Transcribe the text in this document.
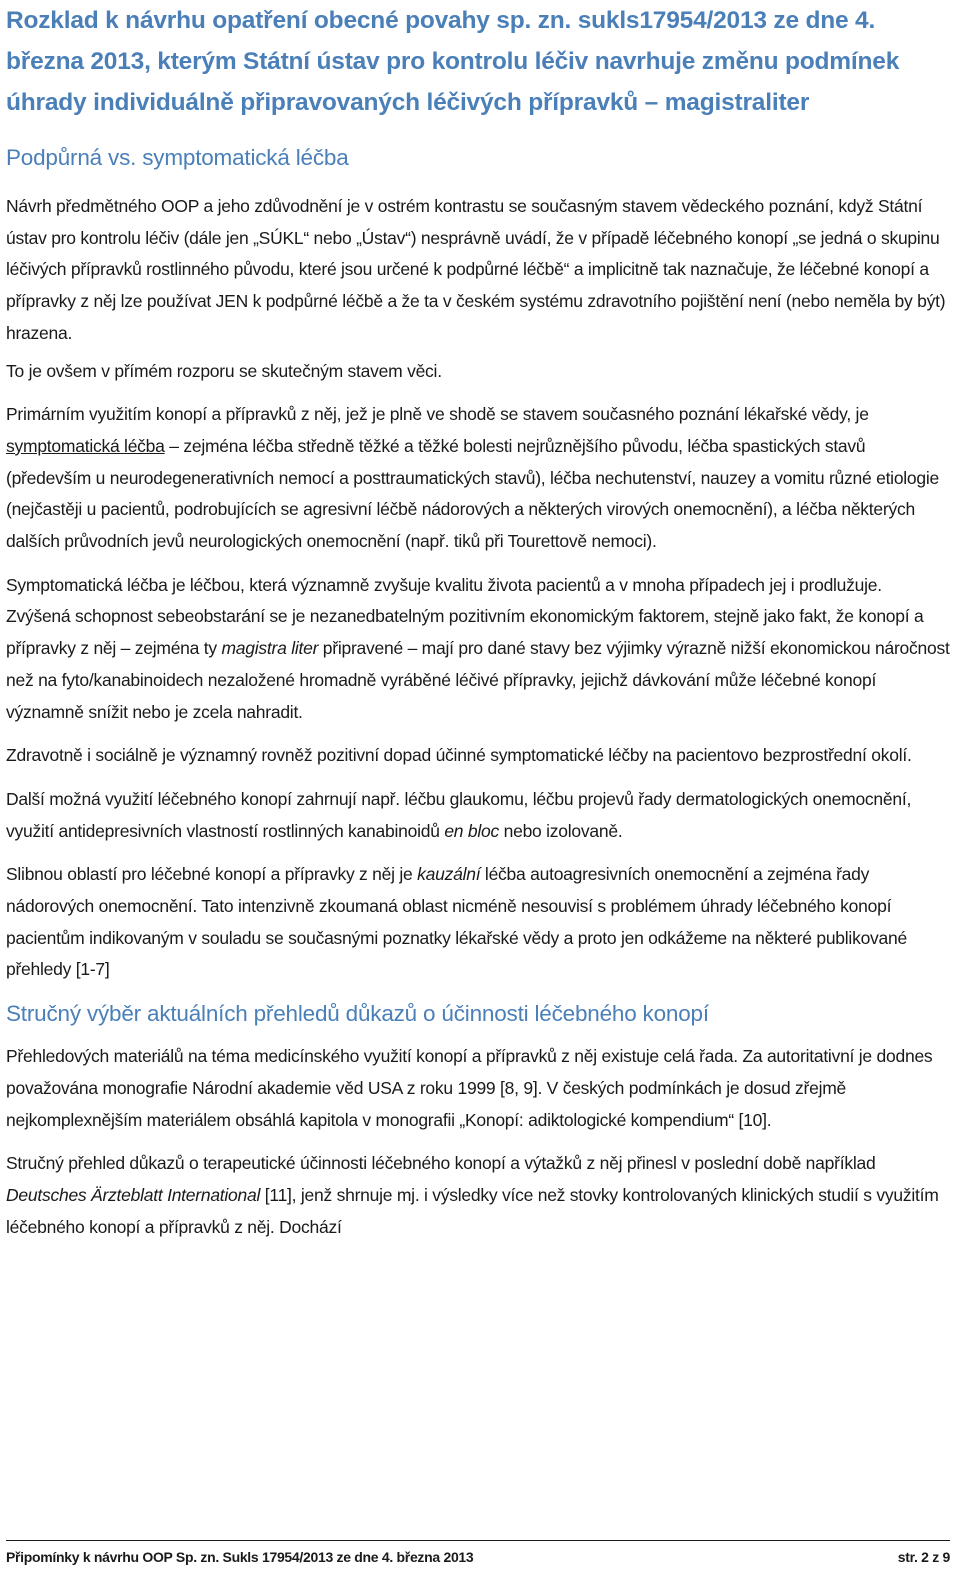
Rozklad k návrhu opatření obecné povahy sp. zn. sukls17954/2013 ze dne 4. března 2013, kterým Státní ústav pro kontrolu léčiv navrhuje změnu podmínek úhrady individuálně připravovaných léčivých přípravků – magistraliter
Podpůrná vs. symptomatická léčba

Návrh předmětného OOP a jeho zdůvodnění je v ostrém kontrastu se současným stavem vědeckého poznání, když Státní ústav pro kontrolu léčiv (dále jen „SÚKL“ nebo „Ústav“) nesprávně uvádí, že v případě léčebného konopí „se jedná o skupinu léčivých přípravků rostlinného původu, které jsou určené k podpůrné léčbě“ a implicitně tak naznačuje, že léčebné konopí a přípravky z něj lze používat JEN k podpůrné léčbě a že ta v českém systému zdravotního pojištění není (nebo neměla by být) hrazena.

To je ovšem v přímém rozporu se skutečným stavem věci.

Primárním využitím konopí a přípravků z něj, jež je plně ve shodě se stavem současného poznání lékařské vědy, je symptomatická léčba – zejména léčba středně těžké a těžké bolesti nejrůznějšího původu, léčba spastických stavů (především u neurodegenerativních nemocí a posttraumatických stavů), léčba nechutenství, nauzey a vomitu různé etiologie (nejčastěji u pacientů, podrobujících se agresivní léčbě nádorových a některých virových onemocnění), a léčba některých dalších průvodních jevů neurologických onemocnění (např. tiků při Tourettově nemoci).

Symptomatická léčba je léčbou, která významně zvyšuje kvalitu života pacientů a v mnoha případech jej i prodlužuje. Zvýšená schopnost sebeobstarání se je nezanedbatelným pozitivním ekonomickým faktorem, stejně jako fakt, že konopí a přípravky z něj – zejména ty magistra liter připravené – mají pro dané stavy bez výjimky výrazně nižší ekonomickou náročnost než na fyto/kanabinoidech nezaložené hromadně vyráběné léčivé přípravky, jejichž dávkování může léčebné konopí významně snížit nebo je zcela nahradit.

Zdravotně i sociálně je významný rovněž pozitivní dopad účinné symptomatické léčby na pacientovo bezprostřední okolí.

Další možná využití léčebného konopí zahrnují např. léčbu glaukomu, léčbu projevů řady dermatologických onemocnění, využití antidepresivních vlastností rostlinných kanabinoidů en bloc nebo izolovaně.

Slibnou oblastí pro léčebné konopí a přípravky z něj je kauzální léčba autoagresivních onemocnění a zejména řady nádorových onemocnění. Tato intenzivně zkoumaná oblast nicméně nesouvisí s problémem úhrady léčebného konopí pacientům indikovaným v souladu se současnými poznatky lékařské vědy a proto jen odkážeme na některé publikované přehledy [1-7]

Stručný výběr aktuálních přehledů důkazů o účinnosti léčebného konopí

Přehledových materiálů na téma medicínského využití konopí a přípravků z něj existuje celá řada. Za autoritativní je dodnes považována monografie Národní akademie věd USA z roku 1999 [8, 9]. V českých podmínkách je dosud zřejmě nejkomplexnějším materiálem obsáhlá kapitola v monografii „Konopí: adiktologické kompendium“ [10].

Stručný přehled důkazů o terapeutické účinnosti léčebného konopí a výtažků z něj přinesl v poslední době například Deutsches Ärzteblatt International [11], jenž shrnuje mj. i výsledky více než stovky kontrolovaných klinických studií s využitím léčebného konopí a přípravků z něj. Dochází

Připomínky k návrhu OOP Sp. zn. Sukls 17954/2013 ze dne 4. března 2013	str. 2 z 9
